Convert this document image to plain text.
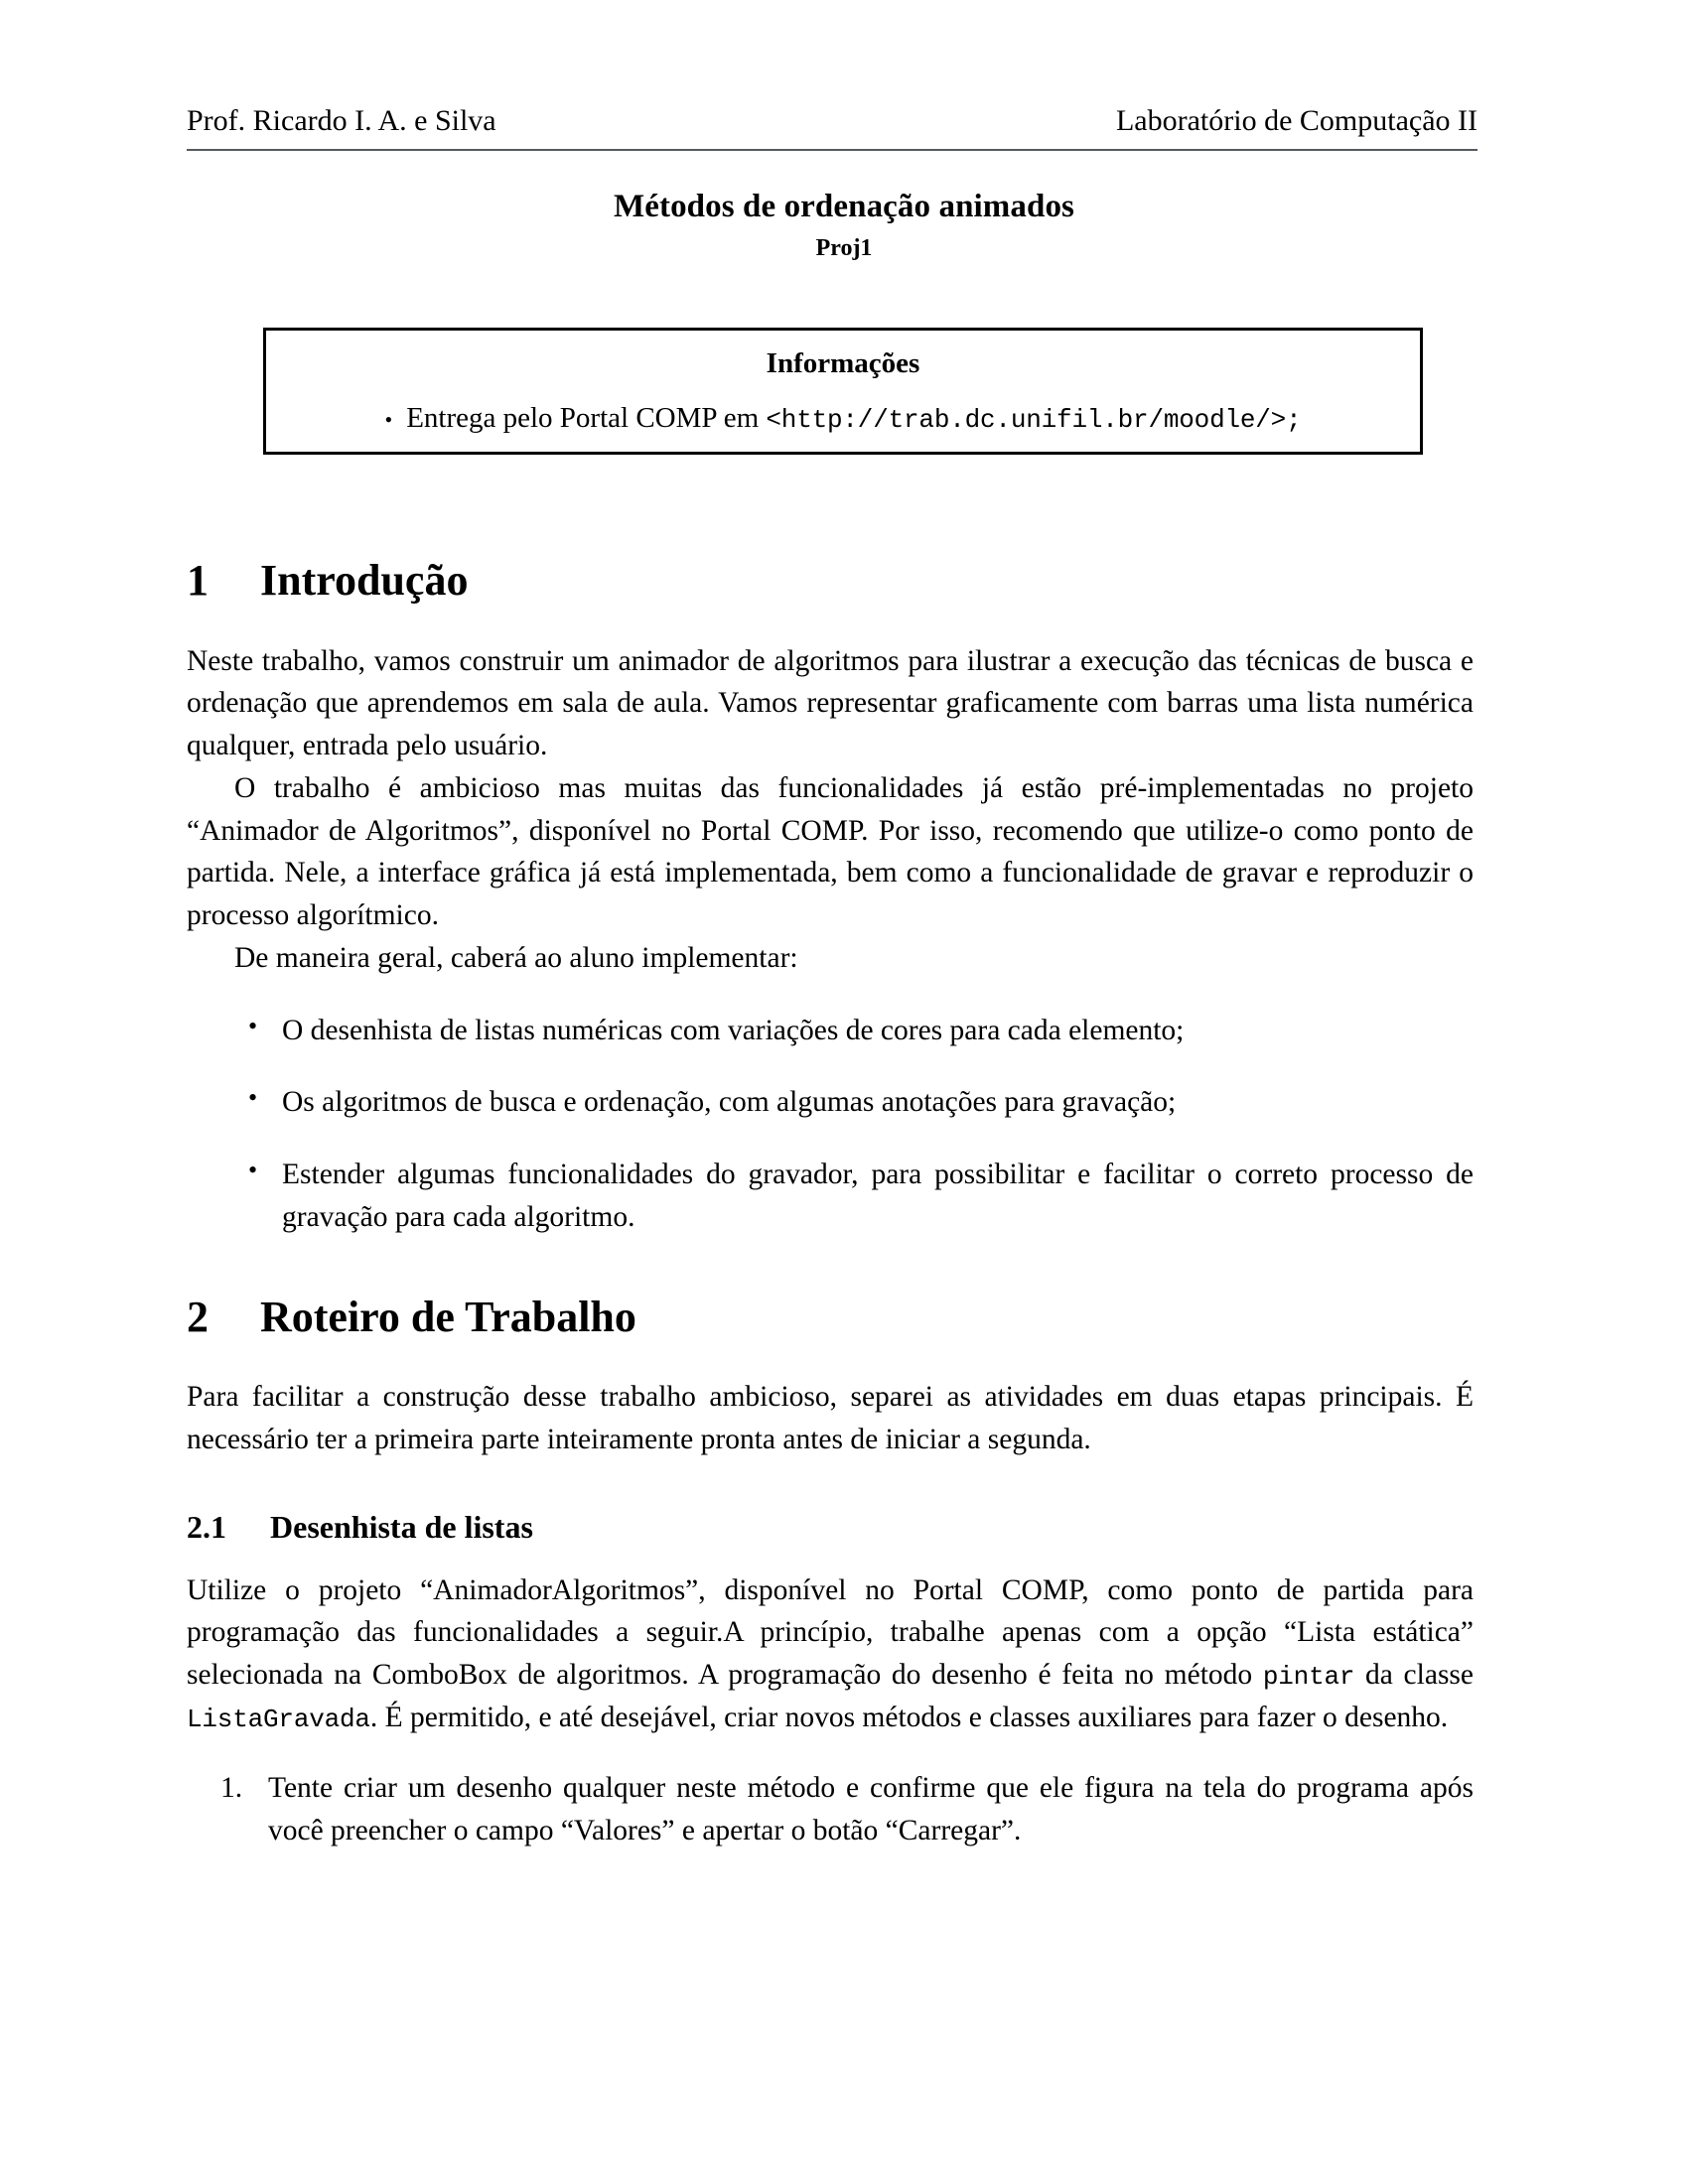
Prof. Ricardo I. A. e Silva	Laboratório de Computação II
Métodos de ordenação animados
Proj1
Informações
• Entrega pelo Portal COMP em <http://trab.dc.unifil.br/moodle/>;
1	Introdução

Neste trabalho, vamos construir um animador de algoritmos para ilustrar a execução das técnicas de busca e ordenação que aprendemos em sala de aula. Vamos representar graficamente com barras uma lista numérica qualquer, entrada pelo usuário.

O trabalho é ambicioso mas muitas das funcionalidades já estão pré-implementadas no projeto “Animador de Algoritmos”, disponível no Portal COMP. Por isso, recomendo que utilize-o como ponto de partida. Nele, a interface gráfica já está implementada, bem como a funcionalidade de gravar e reproduzir o processo algorítmico.

De maneira geral, caberá ao aluno implementar:

• O desenhista de listas numéricas com variações de cores para cada elemento;
• Os algoritmos de busca e ordenação, com algumas anotações para gravação;
• Estender algumas funcionalidades do gravador, para possibilitar e facilitar o correto processo de gravação para cada algoritmo.
2	Roteiro de Trabalho

Para facilitar a construção desse trabalho ambicioso, separei as atividades em duas etapas principais. É necessário ter a primeira parte inteiramente pronta antes de iniciar a segunda.

2.1	Desenhista de listas

Utilize o projeto “AnimadorAlgoritmos”, disponível no Portal COMP, como ponto de partida para programação das funcionalidades a seguir.A princípio, trabalhe apenas com a opção “Lista estática” selecionada na ComboBox de algoritmos. A programação do desenho é feita no método pintar da classe ListaGravada. É permitido, e até desejável, criar novos métodos e classes auxiliares para fazer o desenho.

Tente criar um desenho qualquer neste método e confirme que ele figura na tela do programa após você preencher o campo “Valores” e apertar o botão “Carregar”.
